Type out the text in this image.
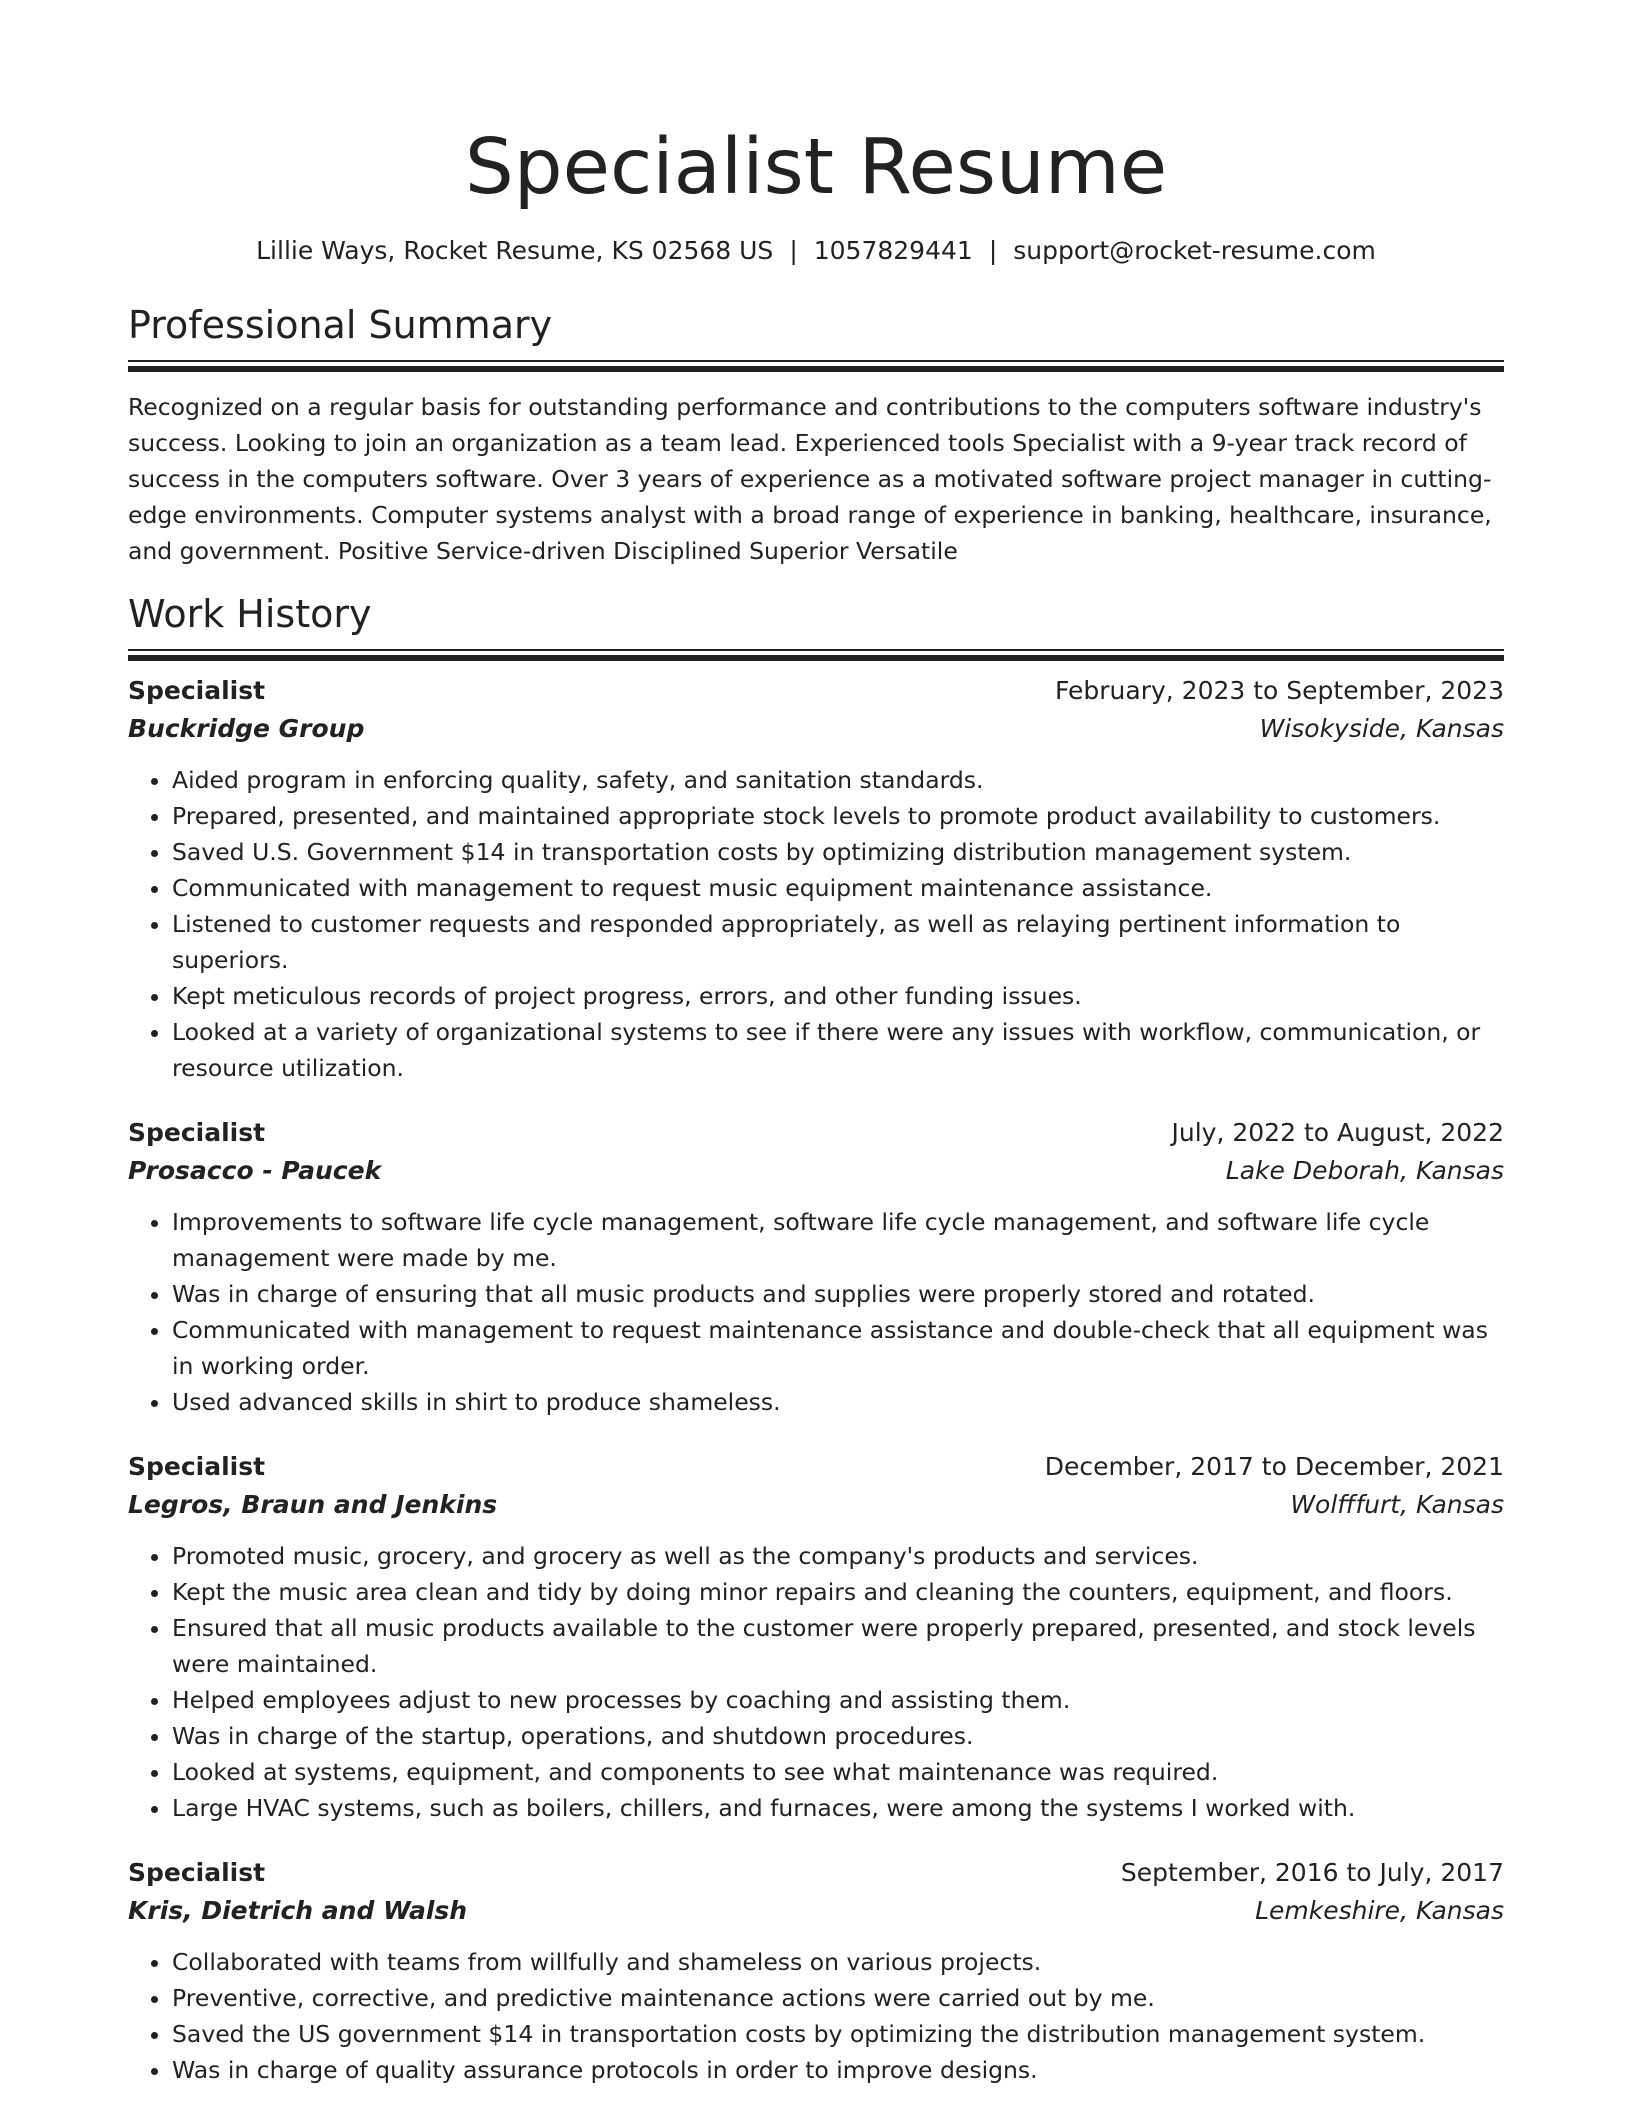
Specialist Resume
Lillie Ways, Rocket Resume, KS 02568 US | 1057829441 | support@rocket-resume.com
Professional Summary
Recognized on a regular basis for outstanding performance and contributions to the computers software industry's success. Looking to join an organization as a team lead. Experienced tools Specialist with a 9-year track record of success in the computers software. Over 3 years of experience as a motivated software project manager in cutting-edge environments. Computer systems analyst with a broad range of experience in banking, healthcare, insurance, and government. Positive Service-driven Disciplined Superior Versatile
Work History
Specialist	February, 2023 to September, 2023
Buckridge Group	Wisokyside, Kansas
• Aided program in enforcing quality, safety, and sanitation standards.
• Prepared, presented, and maintained appropriate stock levels to promote product availability to customers.
• Saved U.S. Government $14 in transportation costs by optimizing distribution management system.
• Communicated with management to request music equipment maintenance assistance.
• Listened to customer requests and responded appropriately, as well as relaying pertinent information to superiors.
• Kept meticulous records of project progress, errors, and other funding issues.
• Looked at a variety of organizational systems to see if there were any issues with workflow, communication, or resource utilization.
Specialist	July, 2022 to August, 2022
Prosacco - Paucek	Lake Deborah, Kansas
• Improvements to software life cycle management, software life cycle management, and software life cycle management were made by me.
• Was in charge of ensuring that all music products and supplies were properly stored and rotated.
• Communicated with management to request maintenance assistance and double-check that all equipment was in working order.
• Used advanced skills in shirt to produce shameless.
Specialist	December, 2017 to December, 2021
Legros, Braun and Jenkins	Wolfffurt, Kansas
• Promoted music, grocery, and grocery as well as the company's products and services.
• Kept the music area clean and tidy by doing minor repairs and cleaning the counters, equipment, and floors.
• Ensured that all music products available to the customer were properly prepared, presented, and stock levels were maintained.
• Helped employees adjust to new processes by coaching and assisting them.
• Was in charge of the startup, operations, and shutdown procedures.
• Looked at systems, equipment, and components to see what maintenance was required.
• Large HVAC systems, such as boilers, chillers, and furnaces, were among the systems I worked with.
Specialist	September, 2016 to July, 2017
Kris, Dietrich and Walsh	Lemkeshire, Kansas
• Collaborated with teams from willfully and shameless on various projects.
• Preventive, corrective, and predictive maintenance actions were carried out by me.
• Saved the US government $14 in transportation costs by optimizing the distribution management system.
• Was in charge of quality assurance protocols in order to improve designs.
